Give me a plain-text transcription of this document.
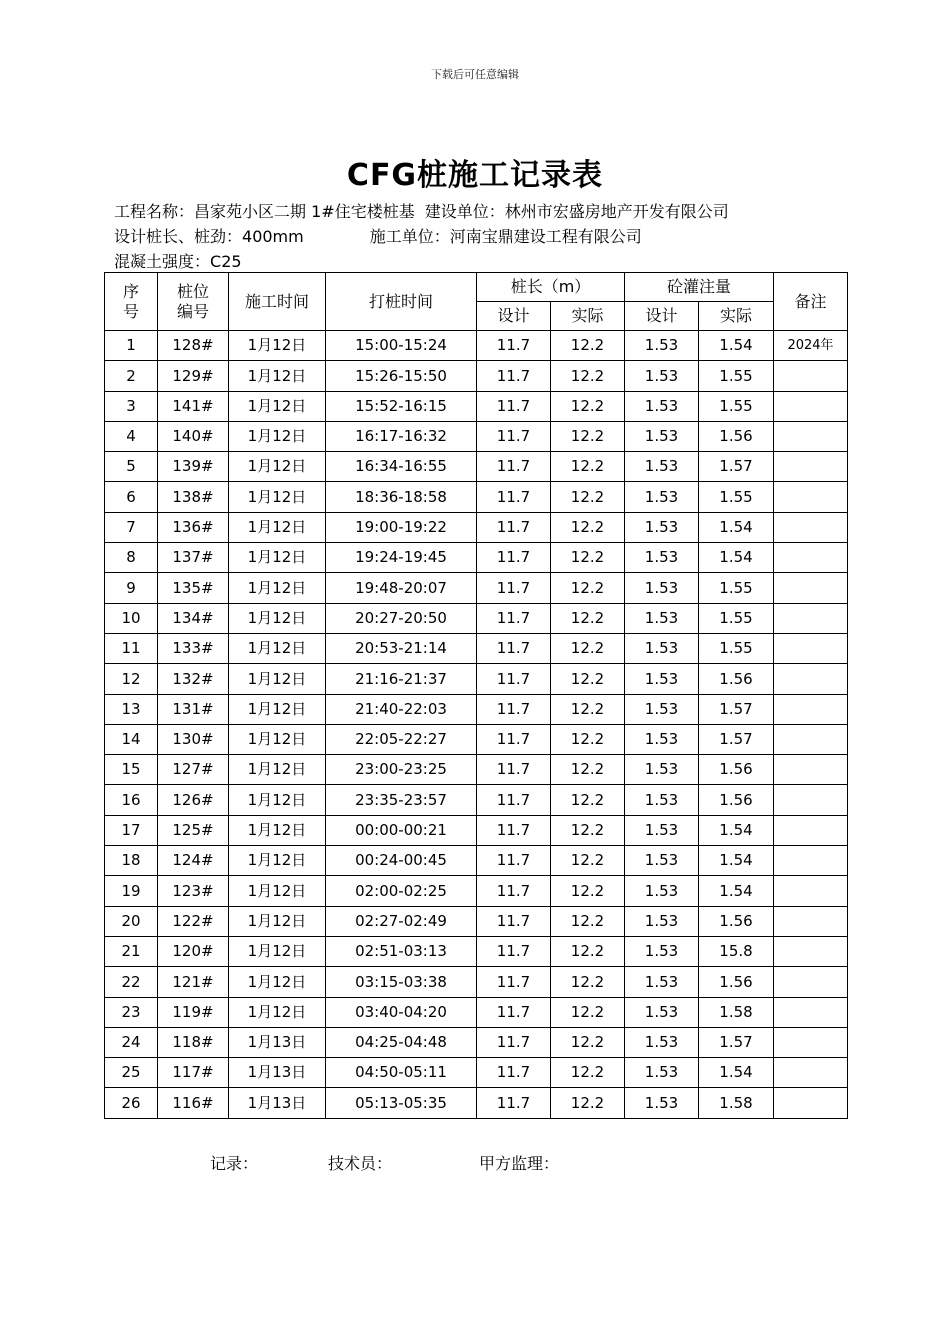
下载后可任意编辑
CFG桩施工记录表
工程名称：昌家苑小区二期 1#住宅楼桩基 建设单位：林州市宏盛房地产开发有限公司
设计桩长、桩劲：400mm	施工单位：河南宝鼎建设工程有限公司
混凝土强度：C25
序号	桩位编号	施工时间	打桩时间	桩长（m）		砼灌注量		备注
				设计	实际	设计	实际	
1	128#	1月12日	15:00-15:24	11.7	12.2	1.53	1.54	2024年
2	129#	1月12日	15:26-15:50	11.7	12.2	1.53	1.55	
3	141#	1月12日	15:52-16:15	11.7	12.2	1.53	1.55	
4	140#	1月12日	16:17-16:32	11.7	12.2	1.53	1.56	
5	139#	1月12日	16:34-16:55	11.7	12.2	1.53	1.57	
6	138#	1月12日	18:36-18:58	11.7	12.2	1.53	1.55	
7	136#	1月12日	19:00-19:22	11.7	12.2	1.53	1.54	
8	137#	1月12日	19:24-19:45	11.7	12.2	1.53	1.54	
9	135#	1月12日	19:48-20:07	11.7	12.2	1.53	1.55	
10	134#	1月12日	20:27-20:50	11.7	12.2	1.53	1.55	
11	133#	1月12日	20:53-21:14	11.7	12.2	1.53	1.55	
12	132#	1月12日	21:16-21:37	11.7	12.2	1.53	1.56	
13	131#	1月12日	21:40-22:03	11.7	12.2	1.53	1.57	
14	130#	1月12日	22:05-22:27	11.7	12.2	1.53	1.57	
15	127#	1月12日	23:00-23:25	11.7	12.2	1.53	1.56	
16	126#	1月12日	23:35-23:57	11.7	12.2	1.53	1.56	
17	125#	1月12日	00:00-00:21	11.7	12.2	1.53	1.54	
18	124#	1月12日	00:24-00:45	11.7	12.2	1.53	1.54	
19	123#	1月12日	02:00-02:25	11.7	12.2	1.53	1.54	
20	122#	1月12日	02:27-02:49	11.7	12.2	1.53	1.56	
21	120#	1月12日	02:51-03:13	11.7	12.2	1.53	15.8	
22	121#	1月12日	03:15-03:38	11.7	12.2	1.53	1.56	
23	119#	1月12日	03:40-04:20	11.7	12.2	1.53	1.58	
24	118#	1月13日	04:25-04:48	11.7	12.2	1.53	1.57	
25	117#	1月13日	04:50-05:11	11.7	12.2	1.53	1.54	
26	116#	1月13日	05:13-05:35	11.7	12.2	1.53	1.58	
记录：	技术员：	甲方监理：
